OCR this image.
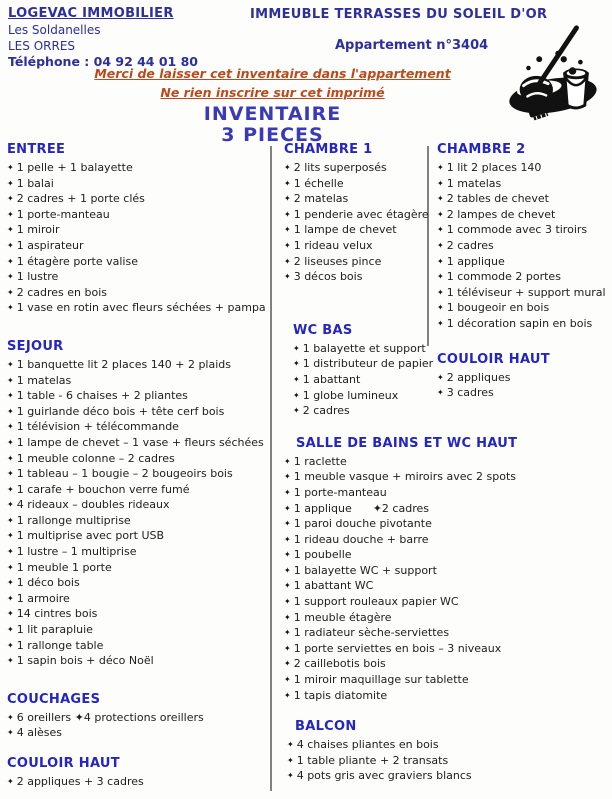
LOGEVAC IMMOBILIER
Les Soldanelles
LES ORRES
Téléphone : 04 92 44 01 80
IMMEUBLE TERRASSES DU SOLEIL D'OR
Appartement n°3404
Merci de laisser cet inventaire dans l'appartement
Ne rien inscrire sur cet imprimé
INVENTAIRE
3 PIECES
ENTREE
✦ 1 pelle + 1 balayette
✦ 1 balai
✦ 2 cadres + 1 porte clés
✦ 1 porte-manteau
✦ 1 miroir
✦ 1 aspirateur
✦ 1 étagère porte valise
✦ 1 lustre
✦ 2 cadres en bois
✦ 1 vase en rotin avec fleurs séchées + pampa
SEJOUR
✦ 1 banquette lit 2 places 140 + 2 plaids
✦ 1 matelas
✦ 1 table - 6 chaises + 2 pliantes
✦ 1 guirlande déco bois + tête cerf bois
✦ 1 télévision + télécommande
✦ 1 lampe de chevet – 1 vase + fleurs séchées
✦ 1 meuble colonne – 2 cadres
✦ 1 tableau – 1 bougie – 2 bougeoirs bois
✦ 1 carafe + bouchon verre fumé
✦ 4 rideaux – doubles rideaux
✦ 1 rallonge multiprise
✦ 1 multiprise avec port USB
✦ 1 lustre – 1 multiprise
✦ 1 meuble 1 porte
✦ 1 déco bois
✦ 1 armoire
✦ 14 cintres bois
✦ 1 lit parapluie
✦ 1 rallonge table
✦ 1 sapin bois + déco Noël
COUCHAGES
✦ 6 oreillers ✦4 protections oreillers
✦ 4 alèses
COULOIR HAUT
✦ 2 appliques + 3 cadres
CHAMBRE 1
✦ 2 lits superposés
✦ 1 échelle
✦ 2 matelas
✦ 1 penderie avec étagère
✦ 1 lampe de chevet
✦ 1 rideau velux
✦ 2 liseuses pince
✦ 3 décos bois
WC BAS
✦ 1 balayette et support
✦ 1 distributeur de papier
✦ 1 abattant
✦ 1 globe lumineux
✦ 2 cadres
SALLE DE BAINS ET WC HAUT
✦ 1 raclette
✦ 1 meuble vasque + miroirs avec 2 spots
✦ 1 porte-manteau
✦ 1 applique      ✦2 cadres
✦ 1 paroi douche pivotante
✦ 1 rideau douche + barre
✦ 1 poubelle
✦ 1 balayette WC + support
✦ 1 abattant WC
✦ 1 support rouleaux papier WC
✦ 1 meuble étagère
✦ 1 radiateur sèche-serviettes
✦ 1 porte serviettes en bois – 3 niveaux
✦ 2 caillebotis bois
✦ 1 miroir maquillage sur tablette
✦ 1 tapis diatomite
BALCON
✦ 4 chaises pliantes en bois
✦ 1 table pliante + 2 transats
✦ 4 pots gris avec graviers blancs
CHAMBRE 2
✦ 1 lit 2 places 140
✦ 1 matelas
✦ 2 tables de chevet
✦ 2 lampes de chevet
✦ 1 commode avec 3 tiroirs
✦ 2 cadres
✦ 1 applique
✦ 1 commode 2 portes
✦ 1 téléviseur + support mural
✦ 1 bougeoir en bois
✦ 1 décoration sapin en bois
COULOIR HAUT
✦ 2 appliques
✦ 3 cadres
